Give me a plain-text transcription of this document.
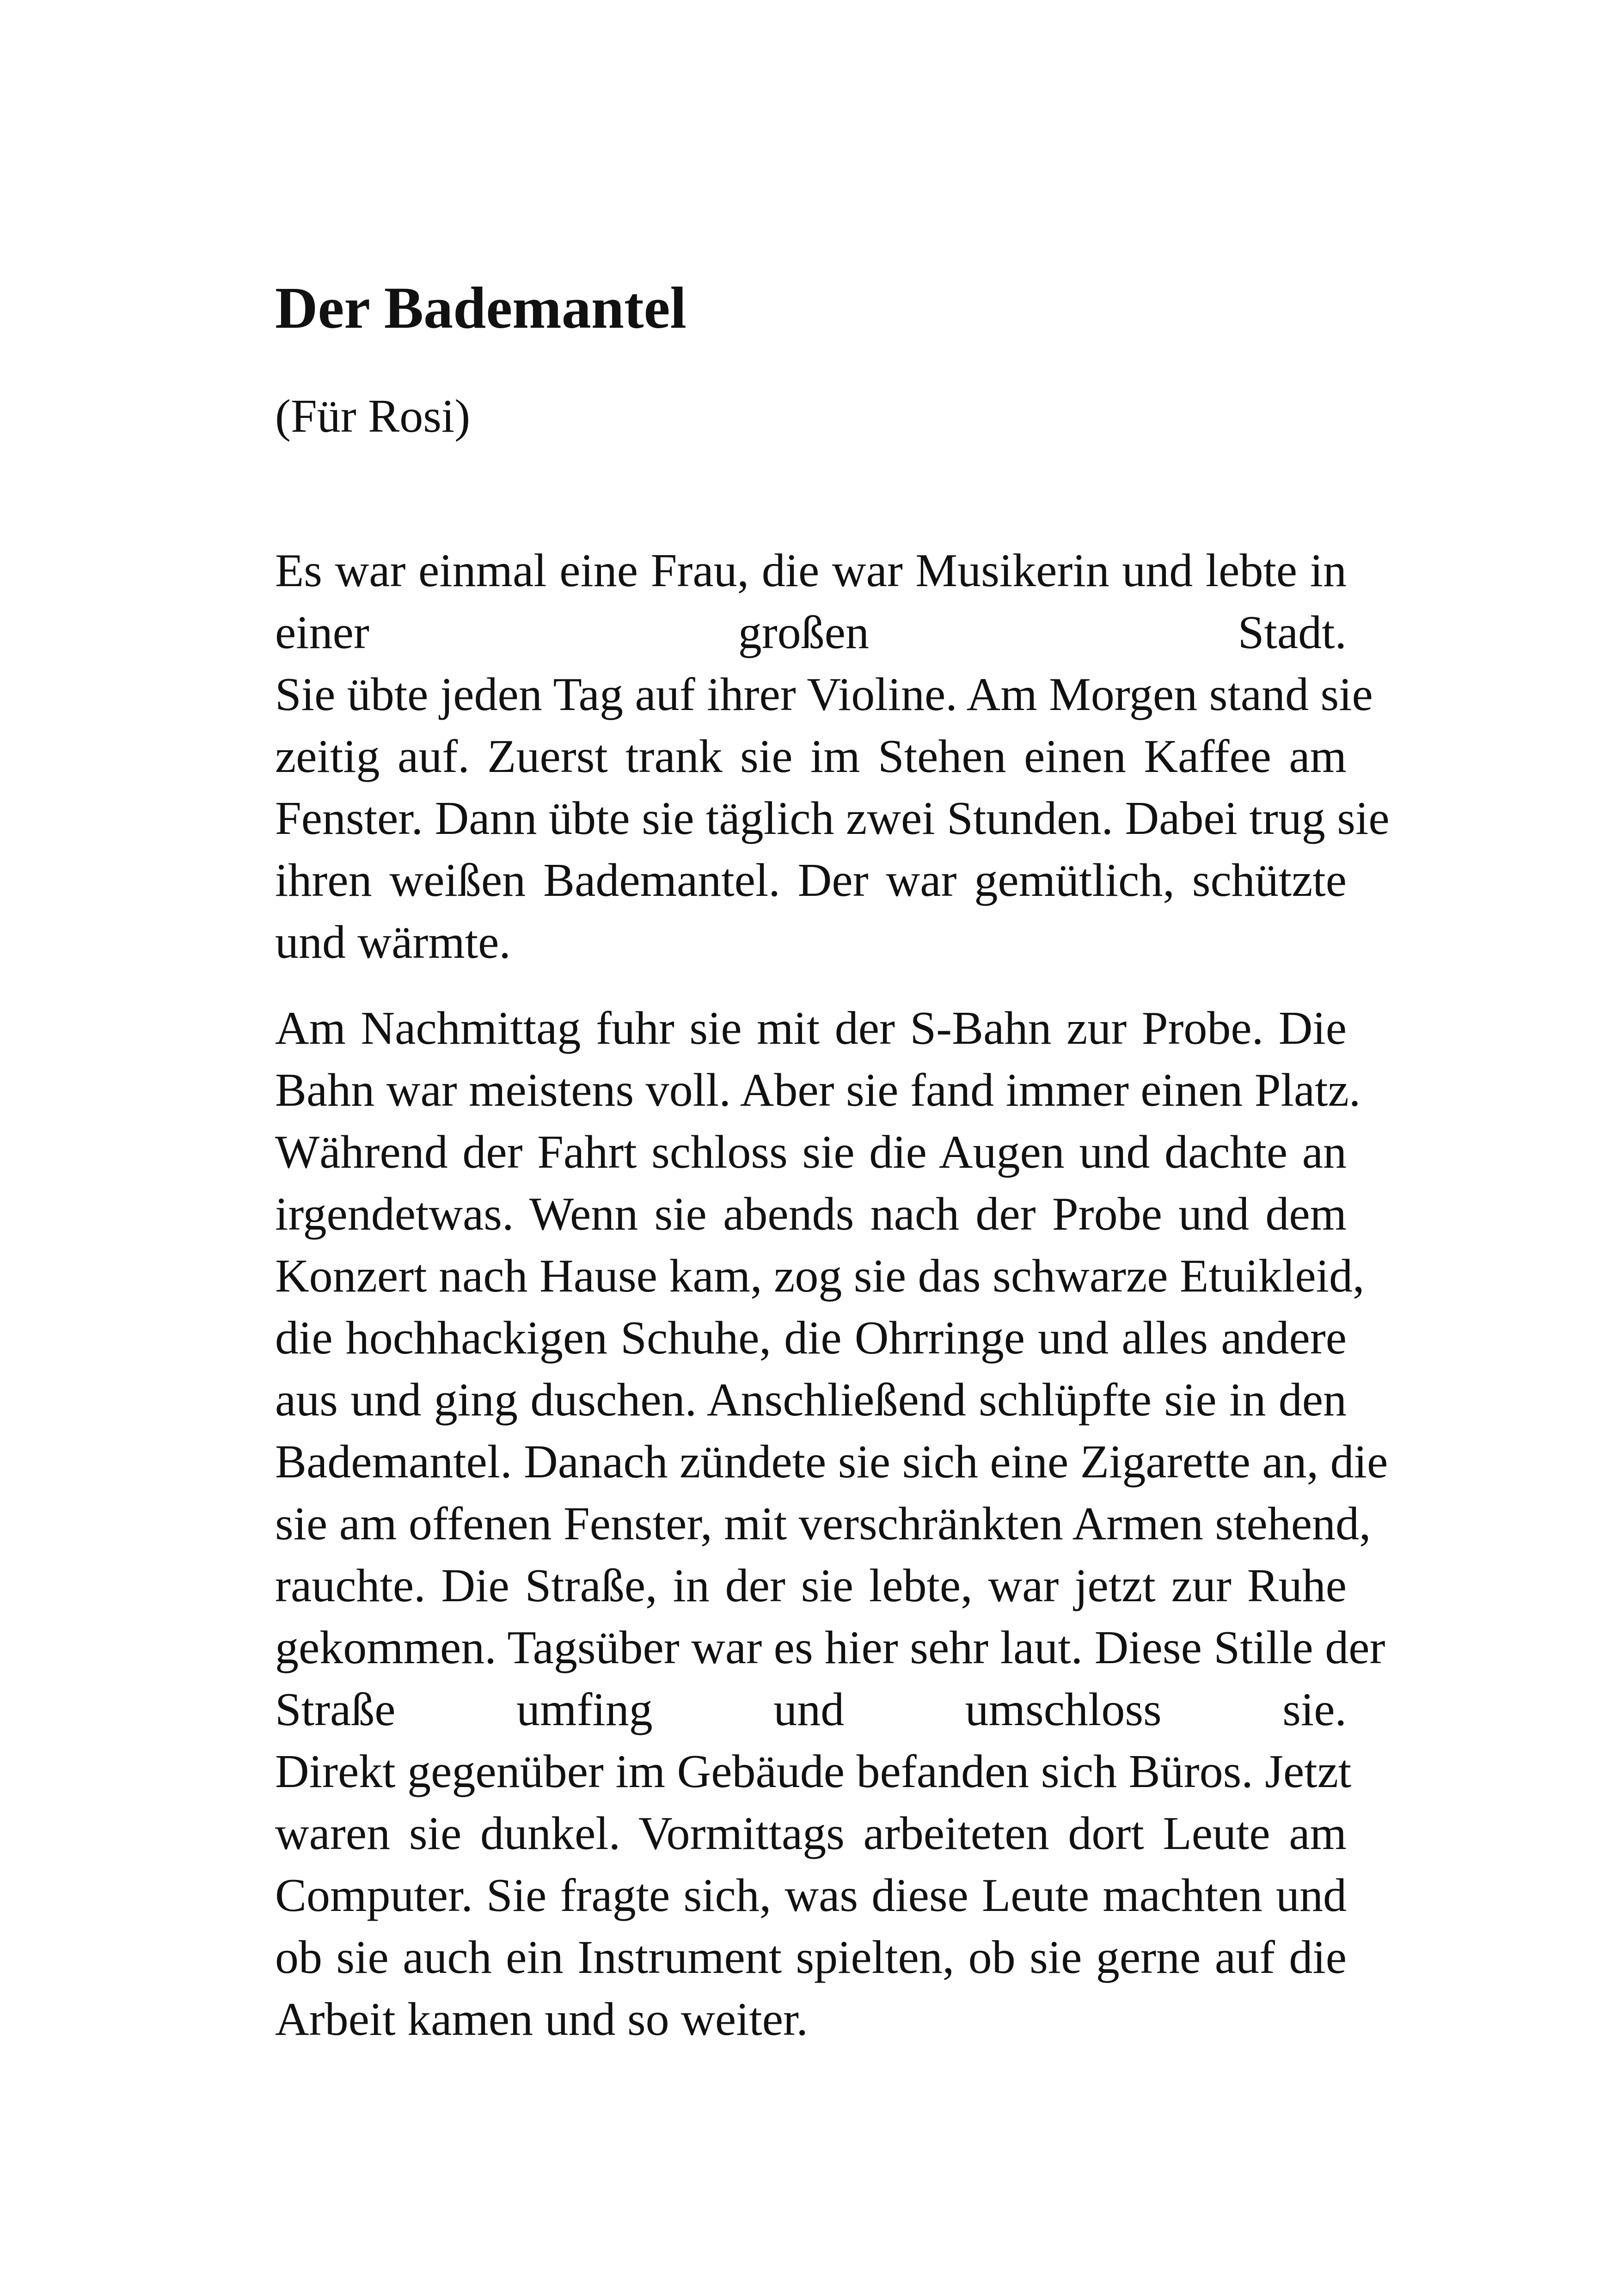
Der Bademantel

(Für Rosi)

Es war einmal eine Frau, die war Musikerin und lebte in
einer großen Stadt.
Sie übte jeden Tag auf ihrer Violine. Am Morgen stand sie
zeitig auf. Zuerst trank sie im Stehen einen Kaffee am
Fenster. Dann übte sie täglich zwei Stunden. Dabei trug sie
ihren weißen Bademantel. Der war gemütlich, schützte
und wärmte.
Am Nachmittag fuhr sie mit der S-Bahn zur Probe. Die
Bahn war meistens voll. Aber sie fand immer einen Platz.
Während der Fahrt schloss sie die Augen und dachte an
irgendetwas. Wenn sie abends nach der Probe und dem
Konzert nach Hause kam, zog sie das schwarze Etuikleid,
die hochhackigen Schuhe, die Ohrringe und alles andere
aus und ging duschen. Anschließend schlüpfte sie in den
Bademantel. Danach zündete sie sich eine Zigarette an, die
sie am offenen Fenster, mit verschränkten Armen stehend,
rauchte. Die Straße, in der sie lebte, war jetzt zur Ruhe
gekommen. Tagsüber war es hier sehr laut. Diese Stille der
Straße umfing und umschloss sie.
Direkt gegenüber im Gebäude befanden sich Büros. Jetzt
waren sie dunkel. Vormittags arbeiteten dort Leute am
Computer. Sie fragte sich, was diese Leute machten und
ob sie auch ein Instrument spielten, ob sie gerne auf die
Arbeit kamen und so weiter.
